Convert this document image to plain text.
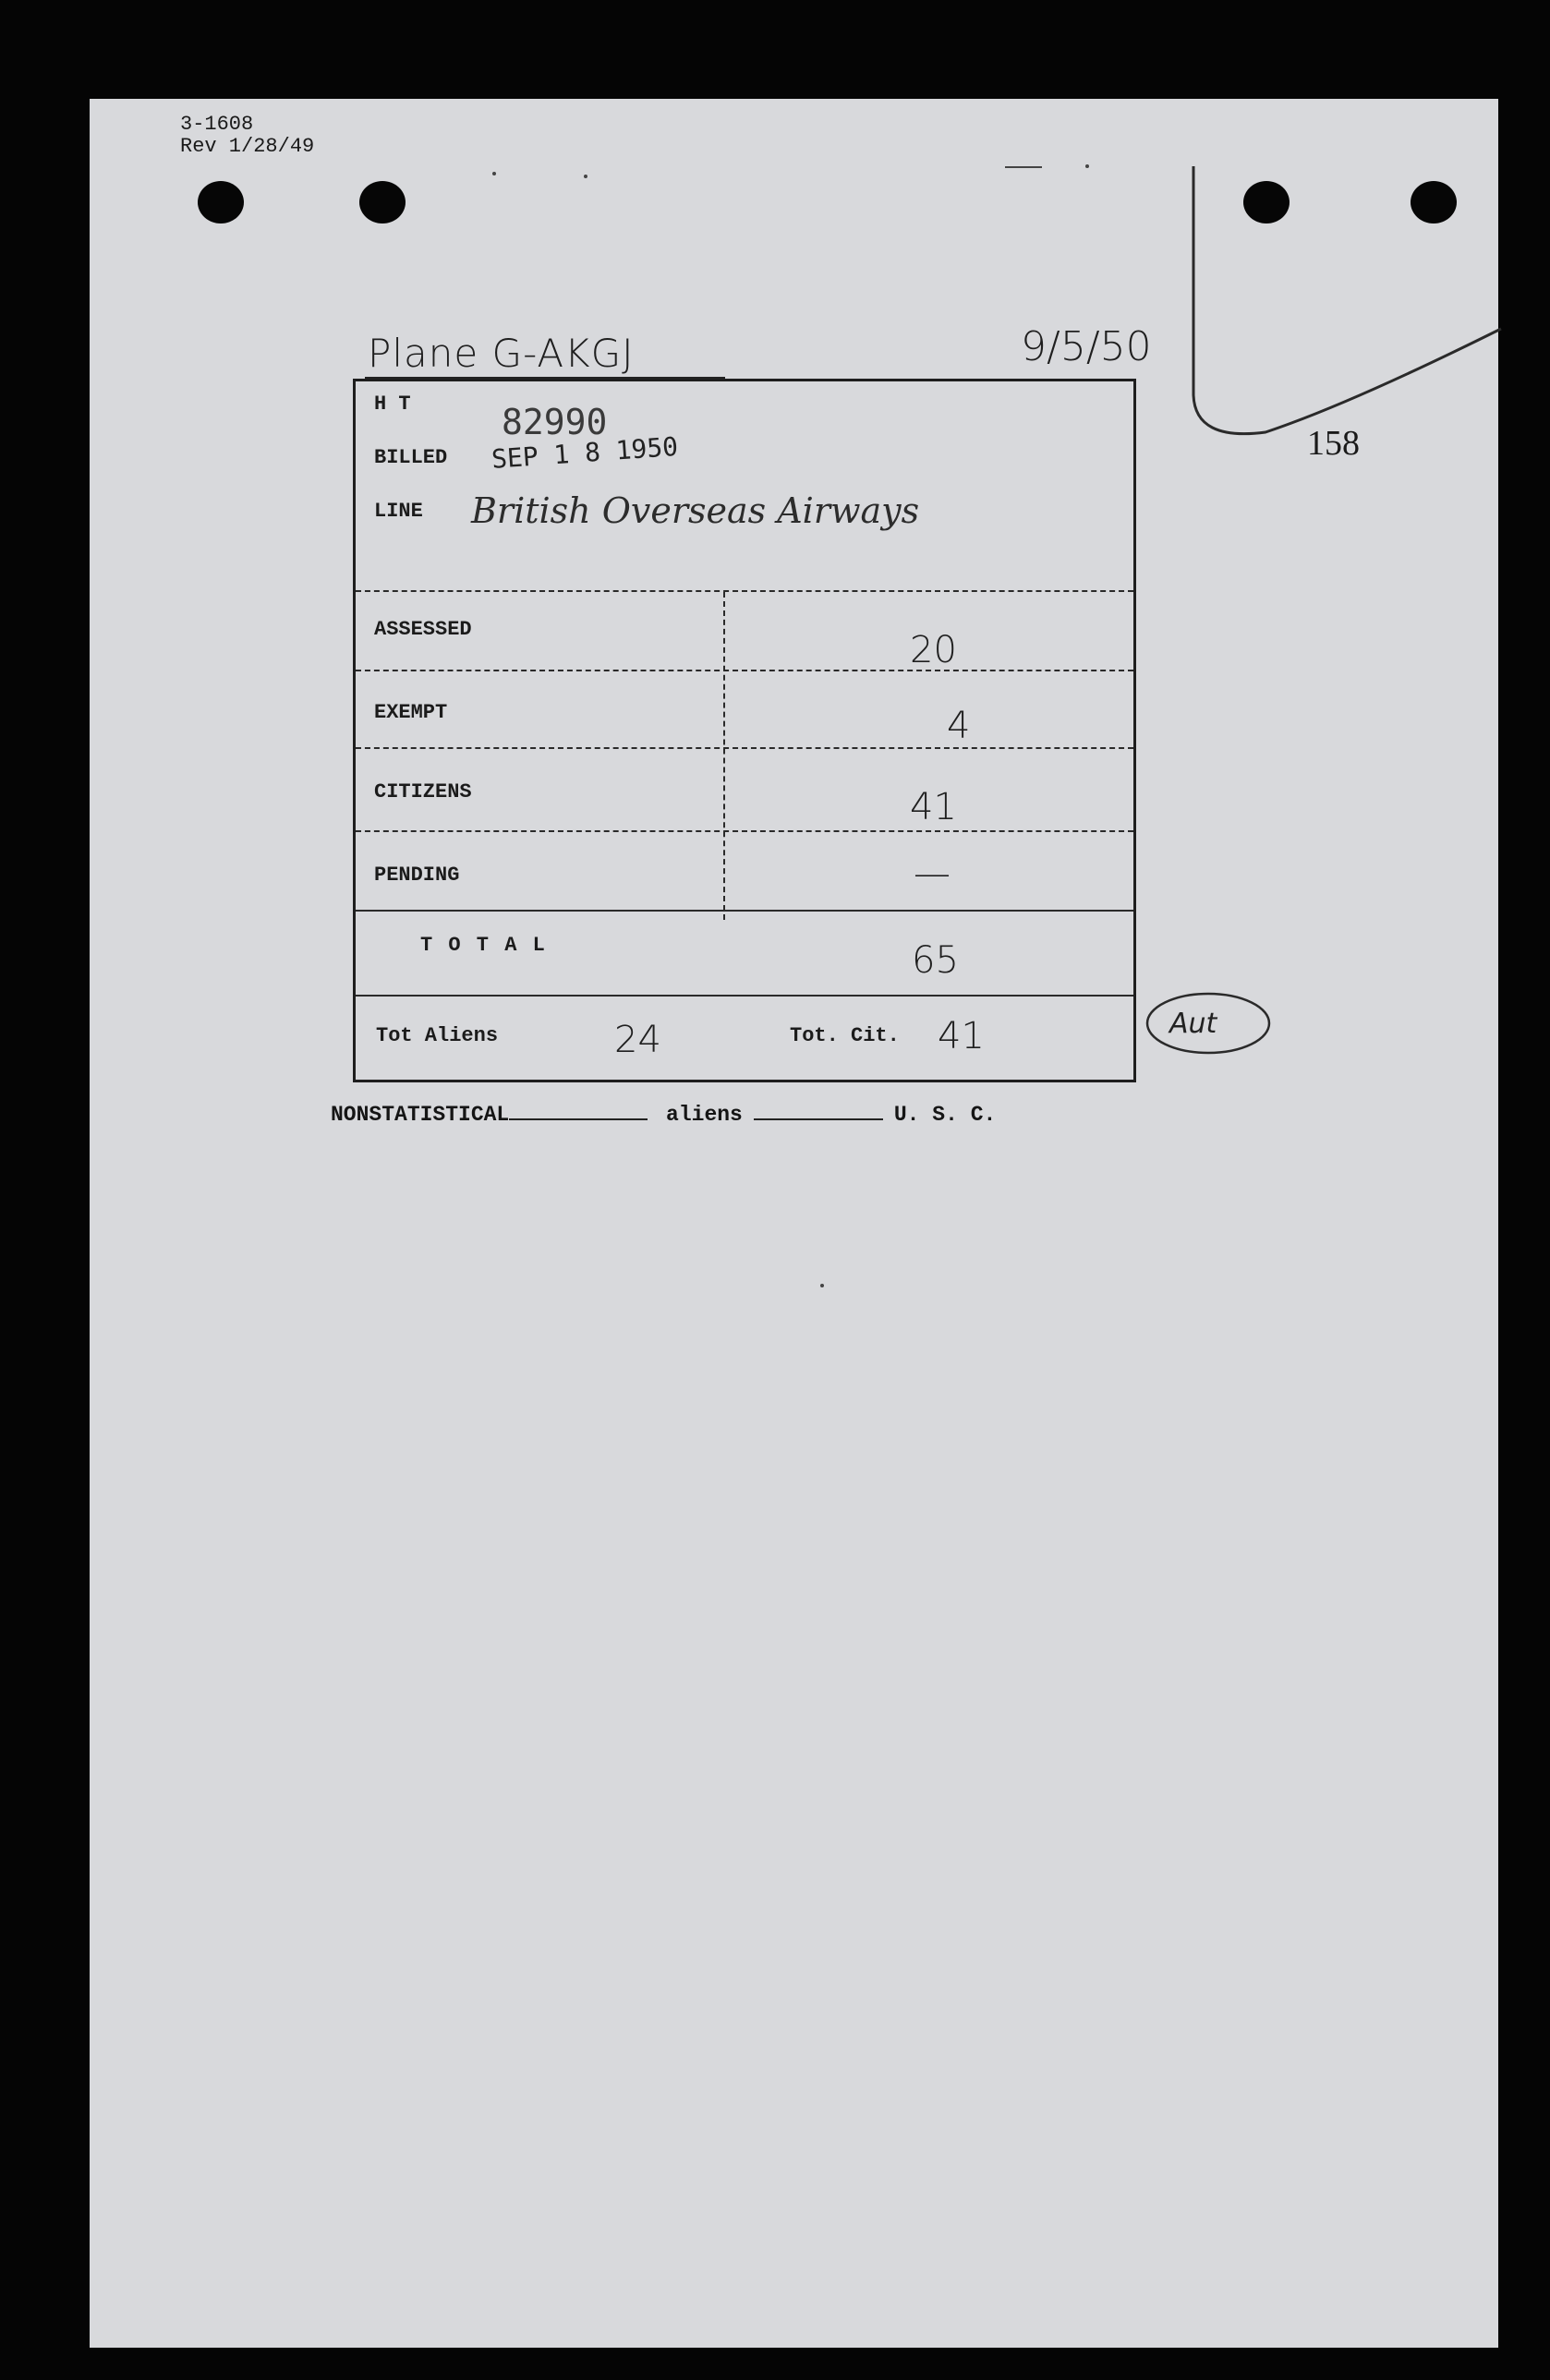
3-1608
Rev 1/28/49
Plane G-AKGJ	9/5/50
158
H T	82990
BILLED SEP 1 8 1950
LINE British Overseas Airways
ASSESSED	20
EXEMPT	4
CITIZENS	41
PENDING	—
T O T A L	65
Tot Aliens	24	Tot. Cit. 41	Aut
NONSTATISTICAL	aliens	U. S. C.
